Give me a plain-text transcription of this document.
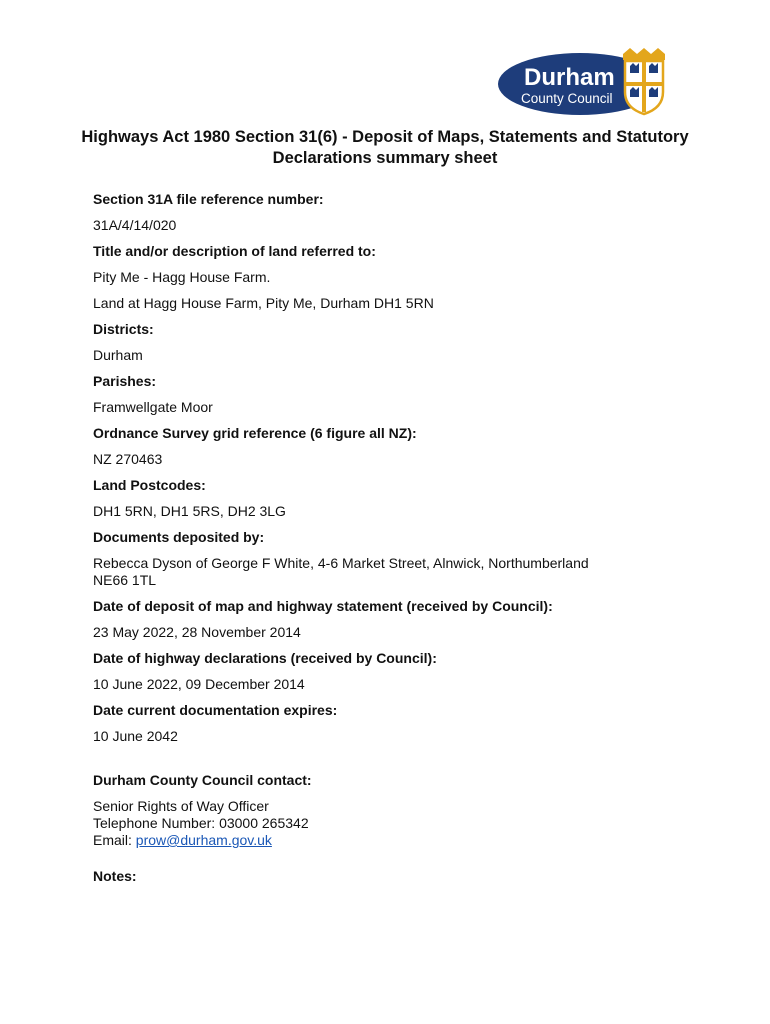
Durham
County Council
Highways Act 1980 Section 31(6) - Deposit of Maps, Statements and Statutory Declarations summary sheet
Section 31A file reference number:
31A/4/14/020
Title and/or description of land referred to:
Pity Me - Hagg House Farm.
Land at Hagg House Farm, Pity Me, Durham DH1 5RN
Districts:
Durham
Parishes:
Framwellgate Moor
Ordnance Survey grid reference (6 figure all NZ):
NZ 270463
Land Postcodes:
DH1 5RN, DH1 5RS, DH2 3LG
Documents deposited by:
Rebecca Dyson of George F White, 4-6 Market Street, Alnwick, Northumberland
NE66 1TL
Date of deposit of map and highway statement (received by Council):
23 May 2022, 28 November 2014
Date of highway declarations (received by Council):
10 June 2022, 09 December 2014
Date current documentation expires:
10 June 2042
Durham County Council contact:
Senior Rights of Way Officer
Telephone Number: 03000 265342
Email: prow@durham.gov.uk
Notes:
